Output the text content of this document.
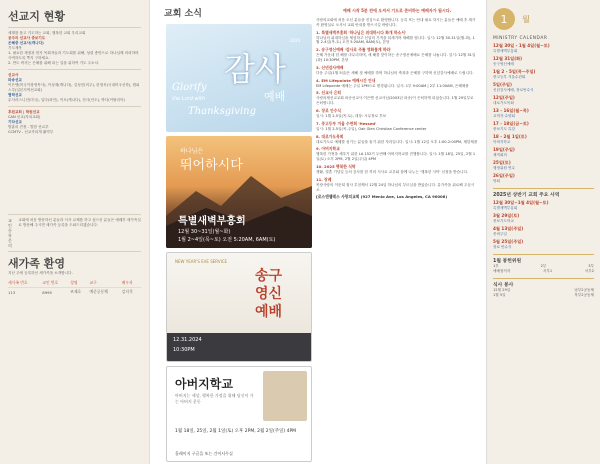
선교지 현황
세계를 품고 기도하는 교회, 행복한 교회 우리교회
공주의 선교사 중보기도
은혜중 선교사(캐나다)
기도제목
1. 필요한 재정과 현지 목회자들과 기도회를 위해, 성령 충만으로 하나님께 의뢰하며 사역하도록 쪽지 구하세요.
2. 반도 퀵셔는 은혜를 위해 되는 일을 위하여 기도 주소서.
선교사
파송선교
이은엔(미국이창영목사), 이성재(캐나다), 김성진(미주), 한영욱(국내미국신학), 캠피스루(일본지역선교회)
협력선교
무사러스니건(미국), 입다(파인), 이오(캐나다), 천사(인도), 박다(이탈리아)
후원교회 | 학원선교
CAN 신교(자치교회)
기타선교
발홈의 진정 - 발맘 선교부
CCMTV - 선교족되게 활약부
교인 등록 문의
교회에 처음 방문하신 분들과 식사 교제를 하고 싶으신 분들은 예배후 새가족실로 방문해 주시면 새가족 등록을 도와드리겠습니다.
새가족 환영
지난 주에 등록하신 새가족을 소개합니다.
새가족 번호	교인 번호	성명	교구	배우자
113	8995	조제호	예준공동체	김지석
교회 소식
감사
예배
2024
Glorify
the Lord with
Thanksgiving
하나님은
뛰어하시다
특별새벽부흥회
12월 30~31일(월~화)
1월 2~4일(목~토) 오전 5:20AM, 6AM(토)
NEW YEAR'S EVE SERVICE
송구
영신
예배
12.31.2024
10:30PM
아버지학교
아버지는 세상, 행복한 가정을 위해 당신이 가는 아버지 운동
1월 18일, 25일, 2월 1일(토) 오후 2PM, 2월 2일(주일) 4PM
홀레이지 구글을 또는 간이사무실
예배 시작 5분 전에 오셔서 기도로 준비하는 예배자가 됩시다.
사랑의교회에 처음 오신 분들을 진심으로 환영합니다. 등록 또는 안내 필요 하시는 분들은 예배 후 새가족 환영실로 오셔서 교회 안내를 받으시길 바랍니다.
1. 특별새벽부흥회 '하나님은 위대하시다 화개 하소서'
하나님의 위대하심을 체험하고 신앙의 기적을 되새기며 새해를 엽니다. 일시: 12월 30-31일(월-화), 1월 2-4일(목-토) 오전 5:20AM, 6AM(토), 본당
2. 송구영신예배 '감사로 주를 영화롭게 하라'
은혜 가운데 한 해를 마무리하며, 새 해를 맞이하는 송구영신예배로 은혜를 나눕니다. 일시: 12월 31일(화) 10:30PM, 본당
3. 신년감사예배
다음 주일(1월 5일)은 새해 첫 예배를 하며 하나님의 축복과 은혜를 구하며 신년감사예배로 드립니다.
4. EM Lifepointe 예배시간 안내
EM Lifepointe 예배는 주일 1PM으로 변경됩니다. 일시: 1부 9:00AM | 2부 11:00AM, 은혜채플
5. 선교사 은퇴
사랑의제선교교회 파송선교사 이은엔 선교사님(2003년 파송)이 은퇴하게 되었습니다. 1월 29일부로 은퇴합니다.
6. 장로 안수식
일시: 1월 2-5일(목-토), 대상: 시무장로 후보
7. 중고등부 겨울 수련회 'Hessed'
일시: 1월 2-5일(목-주일), Oak Glen Christian Conference center
8. 대로가도목회
대로가도로 예배를 섬기는 분들을 돌기 위한 자리입니다. 일시: 1월 12일 오후 1:00-2:00PM, 제한채플
9. 아버지학교
행복한 가정을 세우기 위한 LA 152기 두번째 아버지학교를 진행합니다. 일시: 1월 18일, 25일, 2월 1일(토) 오후 2PM, 2월 2일(주일) 4PM
10. 2025 행복한 식탁
생활, 결혼 기념일 등의 감사를 한 끼의 식사로 교우와 함께 나누는 '행복한 식탁' 신청을 받습니다.
11. 장례
목장사랑의 이문희 집사 부친께서 12월 24일 하나님의 부르심을 받았습니다. 유가족을 위로해 주십시오.
[로스앤젤레스 사랑의교회 (927 Menlo Ave, Los Angeles, CA 90006)
1 월
MINISTRY CALENDAR
12월 30일 - 1월 4일(월~토)
특별새벽부흥회
12월 31일(화)
송구영신예배
1월 2 - 5일(목~주일)
중고등부 겨울수련회
5일(주일)
신년감사예배, 장로안수식
12일(주일)
대로가도목회
13 - 16일(월~목)
교역자 수양회
17 - 18일(금~토)
중보기도 특강
18 - 2월 1일(토)
아버지학교
19일(주일)
제직회의
25일(토)
행정위원 연수
26일(주일)
당회
2025년 상반기 교회 주요 사역
12월 30일~1월 4일(월~토)
특별새벽부흥회
3월 29일(토)
중보기도학교
4월 13일(주일)
종려주일
5월 25일(주일)
장로 안수식
1월 봉헌위원
1부	2부	3부
예배참석자	서부1	서부2
식사 봉사
12월 29일	남부2공동체
1월 5일	북부2공동체
